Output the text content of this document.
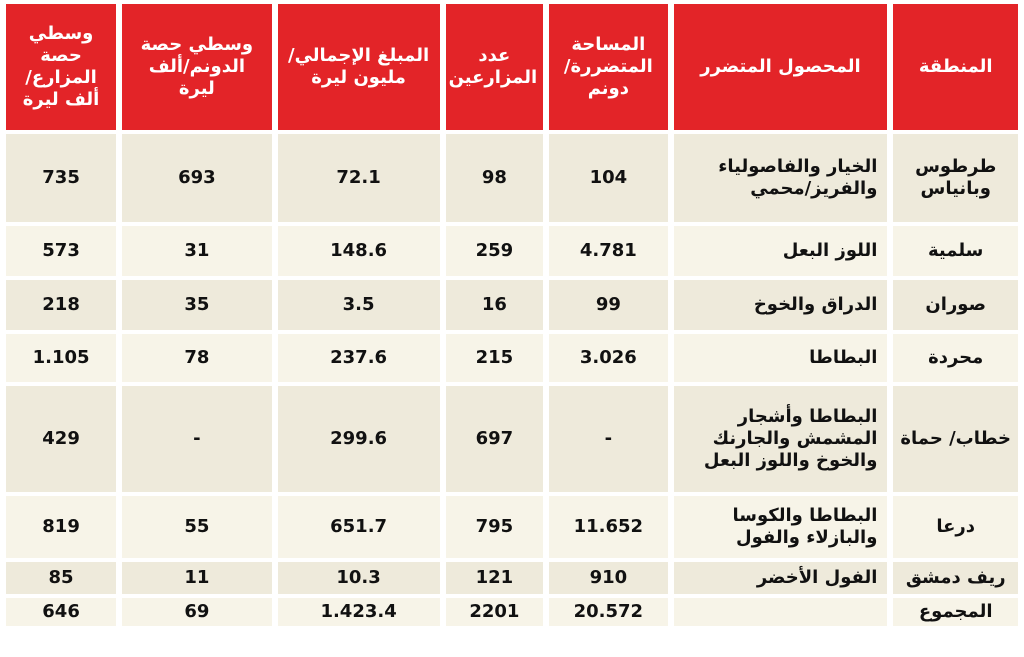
المنطقة	المحصول المتضرر	المساحة المتضررة/ دونم	عدد المزارعين	المبلغ الإجمالي/ مليون ليرة	وسطي حصة الدونم/ألف ليرة	وسطي حصة المزارع/ ألف ليرة
طرطوس وبانياس	الخيار والفاصولياء والفريز/محمي	104	98	72.1	693	735
سلمية	اللوز البعل	4.781	259	148.6	31	573
صوران	الدراق والخوخ	99	16	3.5	35	218
محردة	البطاطا	3.026	215	237.6	78	1.105
خطاب/ حماة	البطاطا وأشجار المشمش والجارنك والخوخ واللوز البعل	-	697	299.6	-	429
درعا	البطاطا والكوسا والبازلاء والفول	11.652	795	651.7	55	819
ريف دمشق	الفول الأخضر	910	121	10.3	11	85
المجموع		20.572	2201	1.423.4	69	646
